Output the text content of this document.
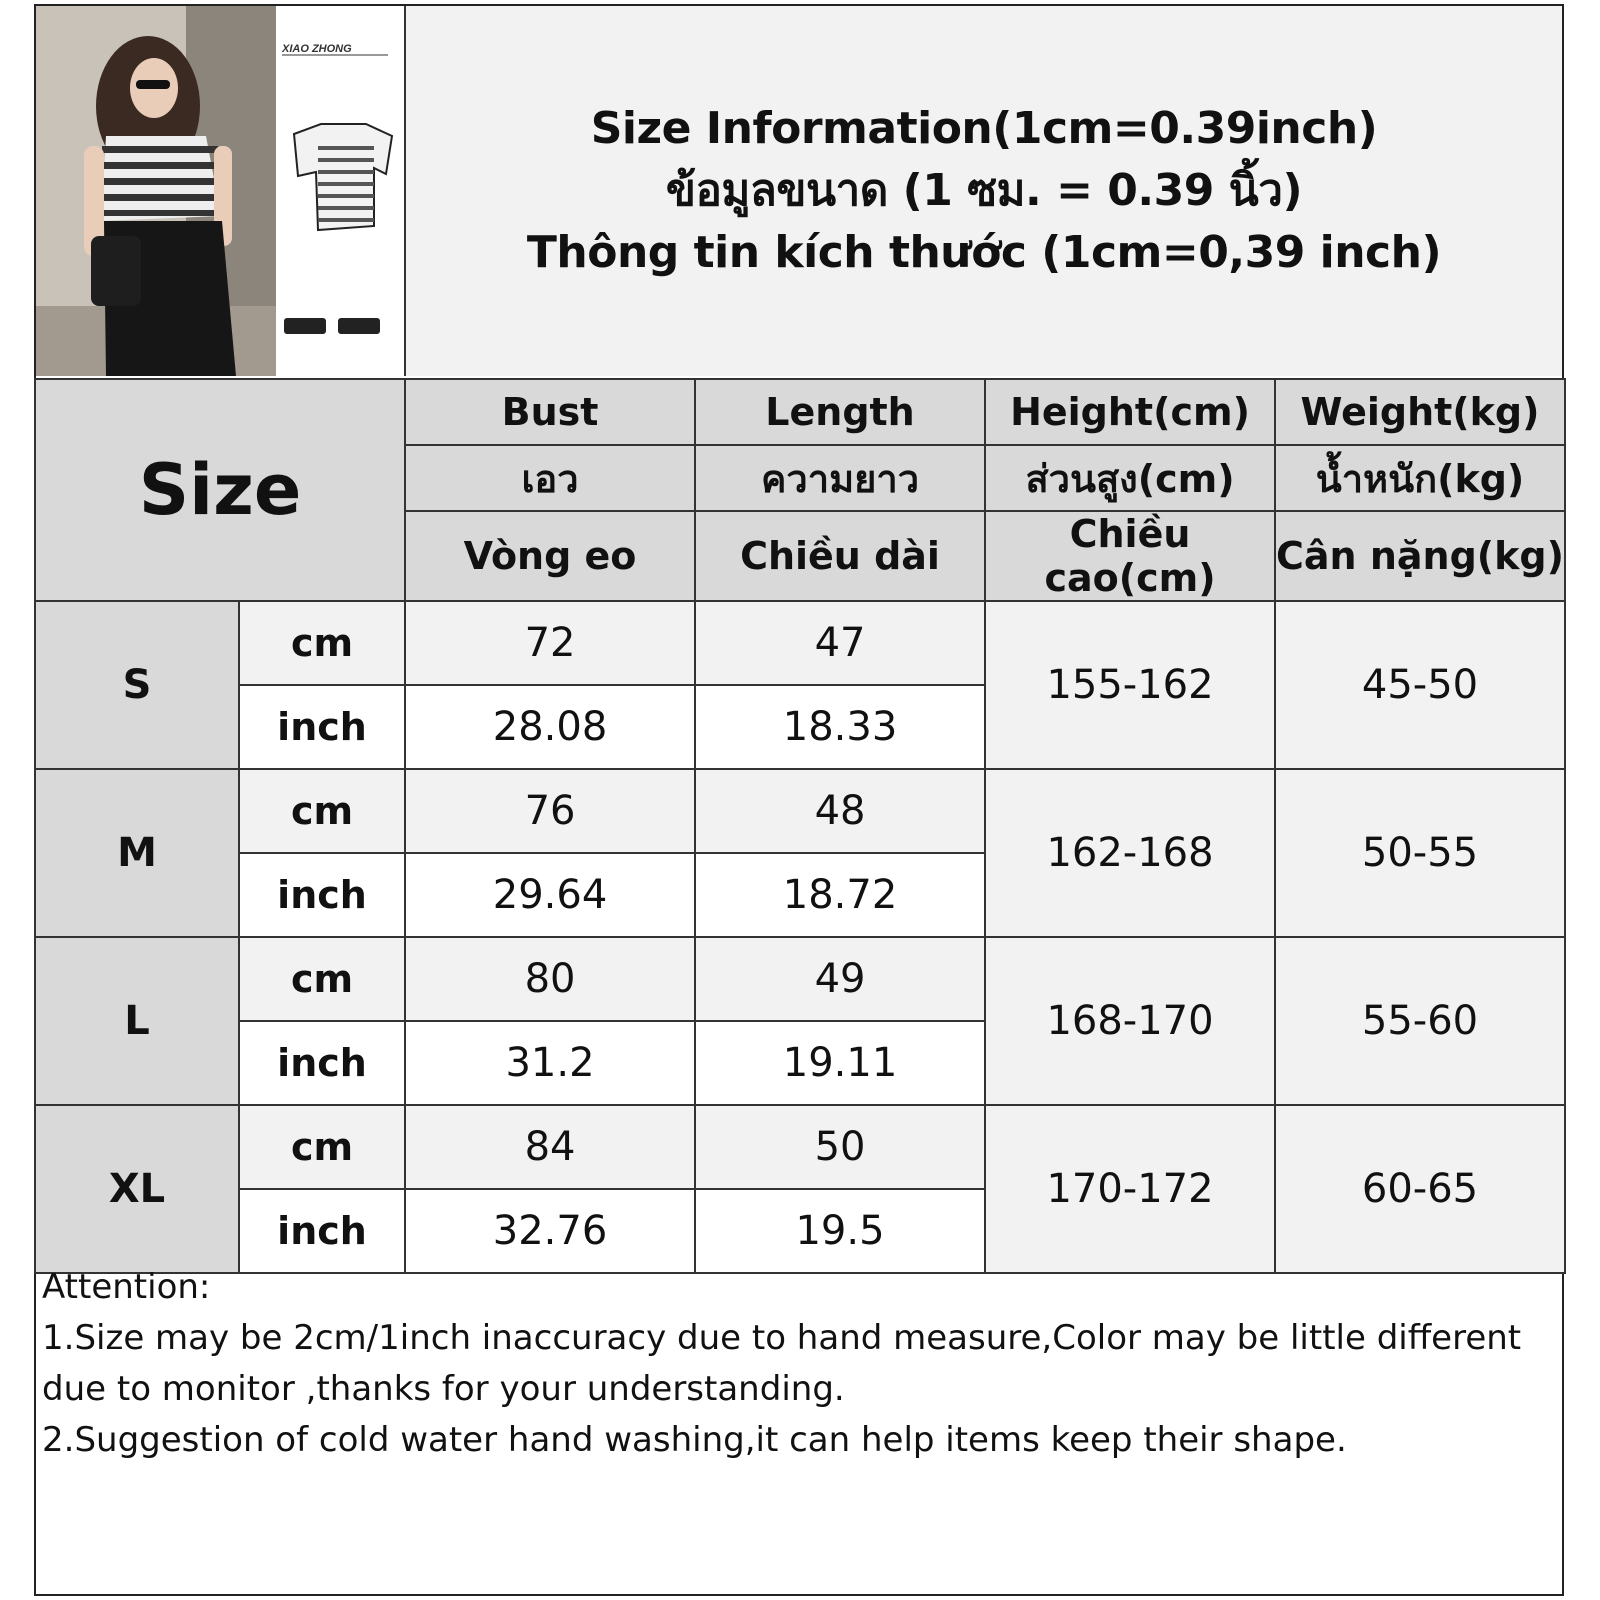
XIAO ZHONG
Size Information(1cm=0.39inch)
ข้อมูลขนาด (1 ซม. = 0.39 นิ้ว)
Thông tin kích thước (1cm=0,39 inch)
Size		Bust	Length	Height(cm)	Weight(kg)
		เอว	ความยาว	ส่วนสูง(cm)	น้ำหนัก(kg)
		Vòng eo	Chiều dài	Chiều cao(cm)	Cân nặng(kg)
S	cm	72	47	155-162	45-50
	inch	28.08	18.33		
M	cm	76	48	162-168	50-55
	inch	29.64	18.72		
L	cm	80	49	168-170	55-60
	inch	31.2	19.11		
XL	cm	84	50	170-172	60-65
	inch	32.76	19.5		

Attention:

1.Size may be 2cm/1inch inaccuracy due to hand measure,Color may be little different due to monitor ,thanks for your understanding.

2.Suggestion of cold water hand washing,it can help items keep their shape.
